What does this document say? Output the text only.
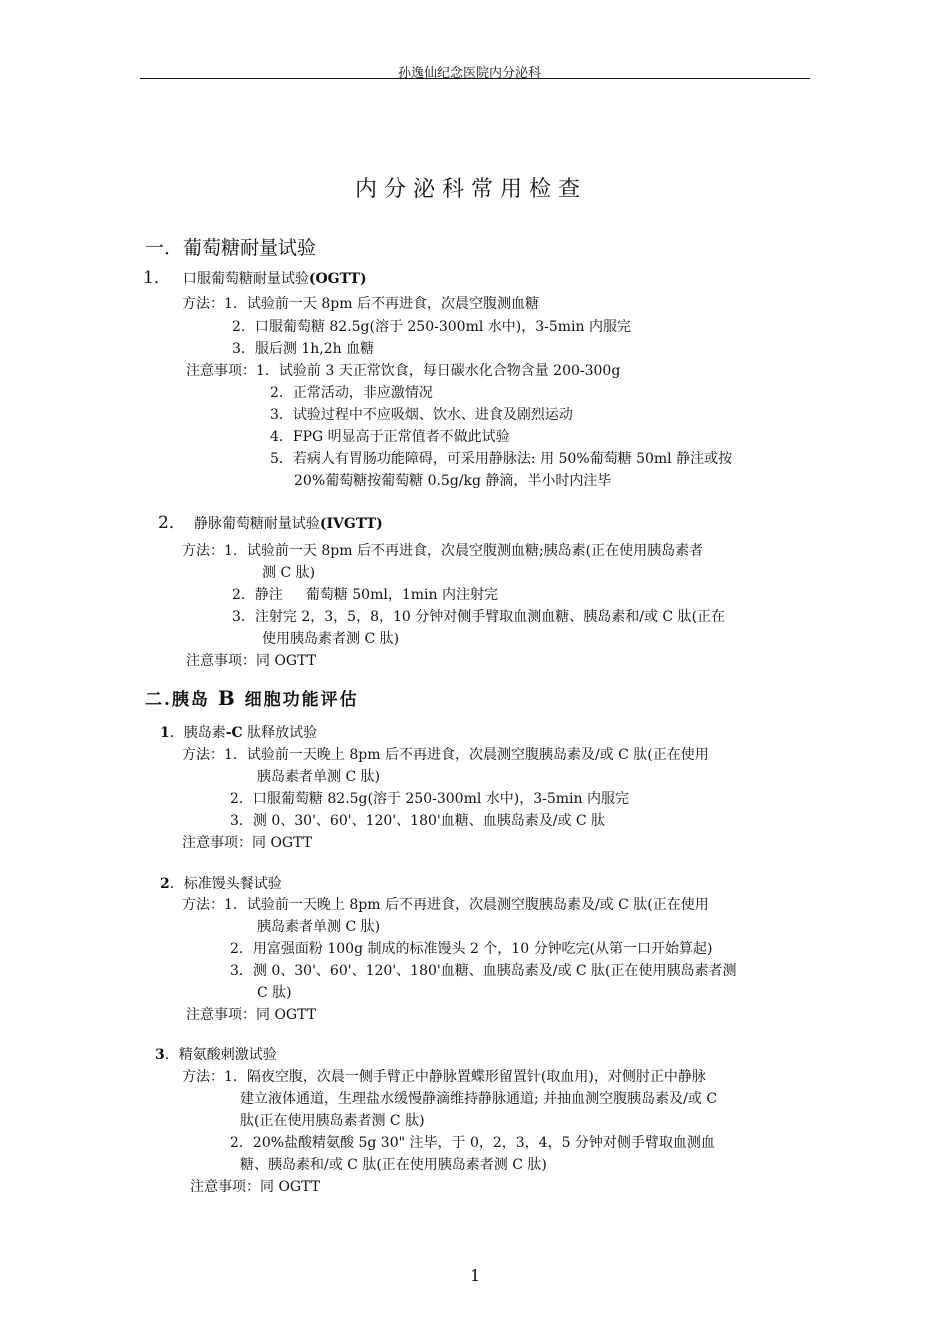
孙逸仙纪念医院内分泌科
内分泌科常用检查
一．葡萄糖耐量试验
1． 口服葡萄糖耐量试验(OGTT)
方法：1．试验前一天 8pm 后不再进食，次晨空腹测血糖
2．口服葡萄糖 82.5g(溶于 250-300ml 水中)，3-5min 内服完
3．服后测 1h,2h 血糖
注意事项：1．试验前 3 天正常饮食，每日碳水化合物含量 200-300g
2．正常活动，非应激情况
3．试验过程中不应吸烟、饮水、进食及剧烈运动
4．FPG 明显高于正常值者不做此试验
5．若病人有胃肠功能障碍，可采用静脉法: 用 50%葡萄糖 50ml 静注或按
20%葡萄糖按葡萄糖 0.5g/kg 静滴，半小时内注毕
2． 静脉葡萄糖耐量试验(IVGTT)
方法：1．试验前一天 8pm 后不再进食，次晨空腹测血糖;胰岛素(正在使用胰岛素者
测 C 肽)
2．静注 　 葡萄糖 50ml，1min 内注射完
3．注射完 2，3，5，8，10 分钟对侧手臂取血测血糖、胰岛素和/或 C 肽(正在
使用胰岛素者测 C 肽)
注意事项：同 OGTT
二.胰岛 B 细胞功能评估
1．胰岛素-C 肽释放试验
方法：1．试验前一天晚上 8pm 后不再进食，次晨测空腹胰岛素及/或 C 肽(正在使用
胰岛素者单测 C 肽)
2．口服葡萄糖 82.5g(溶于 250-300ml 水中)，3-5min 内服完
3．测 0、30'、60'、120'、180'血糖、血胰岛素及/或 C 肽
注意事项：同 OGTT
2．标准馒头餐试验
方法：1．试验前一天晚上 8pm 后不再进食，次晨测空腹胰岛素及/或 C 肽(正在使用
胰岛素者单测 C 肽)
2．用富强面粉 100g 制成的标准馒头 2 个，10 分钟吃完(从第一口开始算起)
3．测 0、30'、60'、120'、180'血糖、血胰岛素及/或 C 肽(正在使用胰岛素者测
C 肽)
注意事项：同 OGTT
3．精氨酸刺激试验
方法：1．隔夜空腹，次晨一侧手臂正中静脉置蝶形留置针(取血用)，对侧肘正中静脉
建立液体通道，生理盐水缓慢静滴维持静脉通道; 并抽血测空腹胰岛素及/或 C
肽(正在使用胰岛素者测 C 肽)
2．20%盐酸精氨酸 5g 30" 注毕，于 0，2，3，4，5 分钟对侧手臂取血测血
糖、胰岛素和/或 C 肽(正在使用胰岛素者测 C 肽)
注意事项：同 OGTT
1
